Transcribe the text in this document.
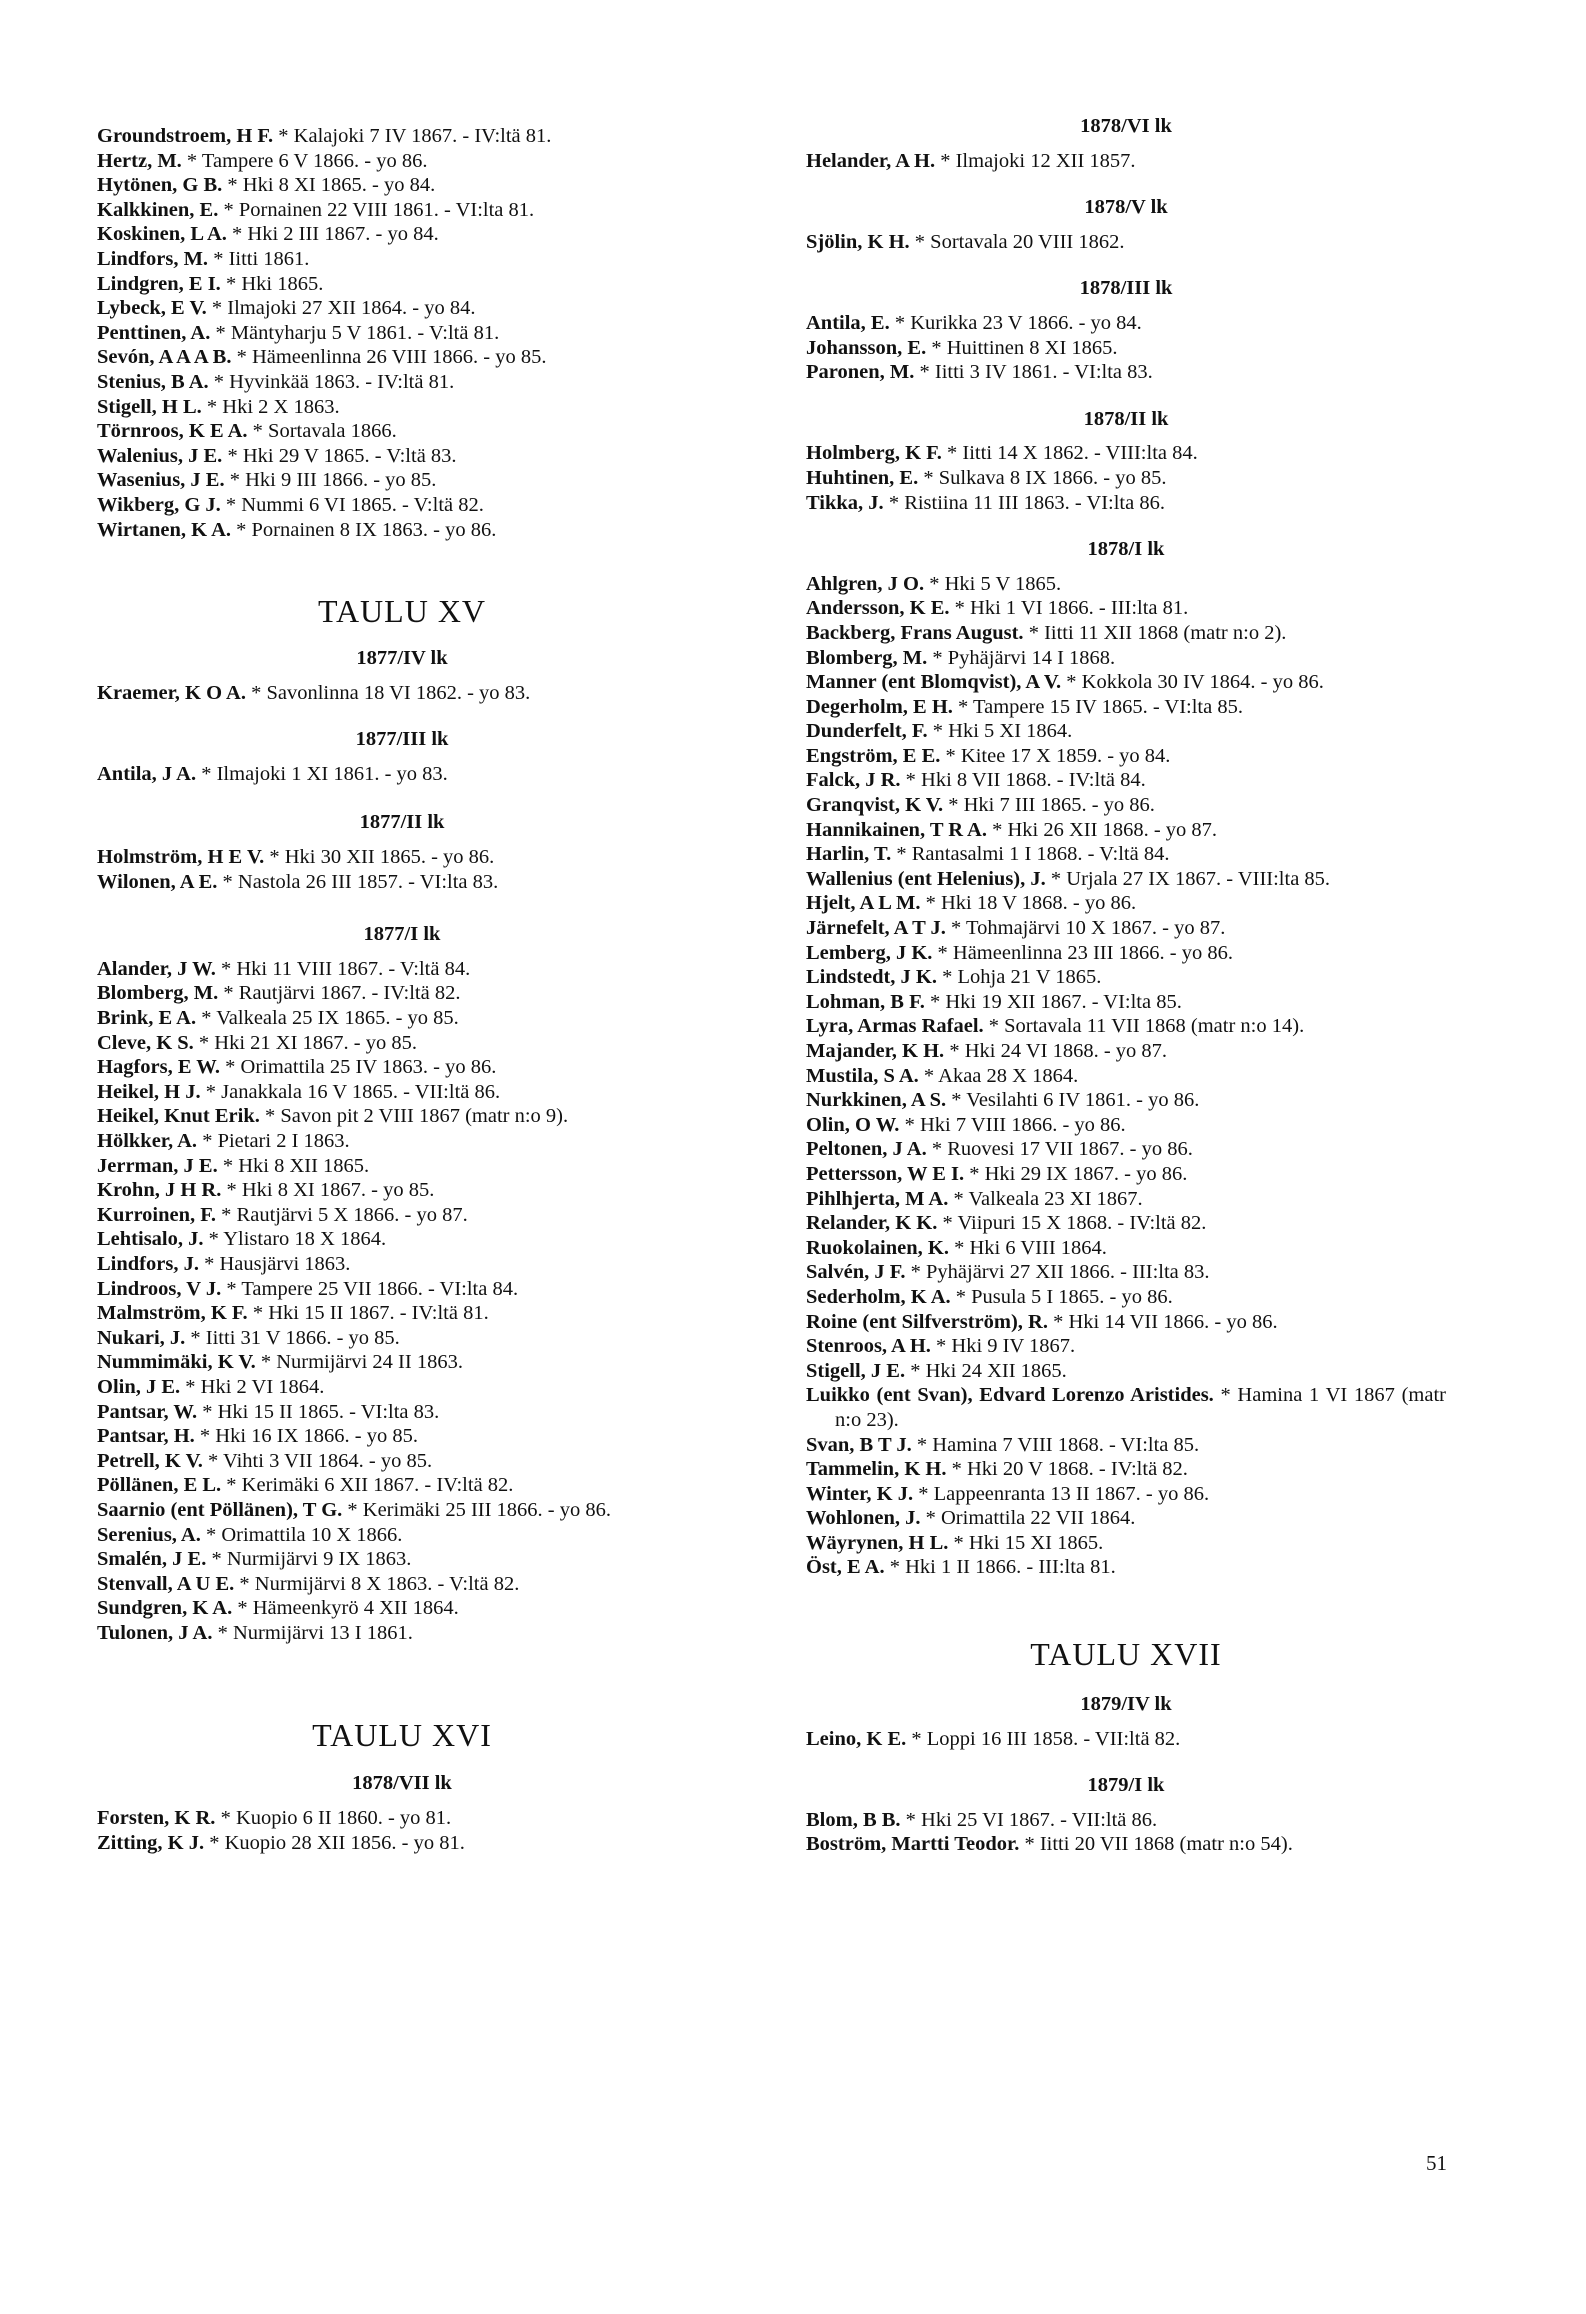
Groundstroem, H F. * Kalajoki 7 IV 1867. - IV:ltä 81.

Hertz, M. * Tampere 6 V 1866. - yo 86.

Hytönen, G B. * Hki 8 XI 1865. - yo 84.

Kalkkinen, E. * Pornainen 22 VIII 1861. - VI:lta 81.

Koskinen, L A. * Hki 2 III 1867. - yo 84.

Lindfors, M. * Iitti 1861.

Lindgren, E I. * Hki 1865.

Lybeck, E V. * Ilmajoki 27 XII 1864. - yo 84.

Penttinen, A. * Mäntyharju 5 V 1861. - V:ltä 81.

Sevón, A A A B. * Hämeenlinna 26 VIII 1866. - yo 85.

Stenius, B A. * Hyvinkää 1863. - IV:ltä 81.

Stigell, H L. * Hki 2 X 1863.

Törnroos, K E A. * Sortavala 1866.

Walenius, J E. * Hki 29 V 1865. - V:ltä 83.

Wasenius, J E. * Hki 9 III 1866. - yo 85.

Wikberg, G J. * Nummi 6 VI 1865. - V:ltä 82.

Wirtanen, K A. * Pornainen 8 IX 1863. - yo 86.

TAULU XV
1877/IV lk

Kraemer, K O A. * Savonlinna 18 VI 1862. - yo 83.

1877/III lk

Antila, J A. * Ilmajoki 1 XI 1861. - yo 83.

1877/II lk

Holmström, H E V. * Hki 30 XII 1865. - yo 86.

Wilonen, A E. * Nastola 26 III 1857. - VI:lta 83.

1877/I lk

Alander, J W. * Hki 11 VIII 1867. - V:ltä 84.

Blomberg, M. * Rautjärvi 1867. - IV:ltä 82.

Brink, E A. * Valkeala 25 IX 1865. - yo 85.

Cleve, K S. * Hki 21 XI 1867. - yo 85.

Hagfors, E W. * Orimattila 25 IV 1863. - yo 86.

Heikel, H J. * Janakkala 16 V 1865. - VII:ltä 86.

Heikel, Knut Erik. * Savon pit 2 VIII 1867 (matr n:o 9).

Hölkker, A. * Pietari 2 I 1863.

Jerrman, J E. * Hki 8 XII 1865.

Krohn, J H R. * Hki 8 XI 1867. - yo 85.

Kurroinen, F. * Rautjärvi 5 X 1866. - yo 87.

Lehtisalo, J. * Ylistaro 18 X 1864.

Lindfors, J. * Hausjärvi 1863.

Lindroos, V J. * Tampere 25 VII 1866. - VI:lta 84.

Malmström, K F. * Hki 15 II 1867. - IV:ltä 81.

Nukari, J. * Iitti 31 V 1866. - yo 85.

Nummimäki, K V. * Nurmijärvi 24 II 1863.

Olin, J E. * Hki 2 VI 1864.

Pantsar, W. * Hki 15 II 1865. - VI:lta 83.

Pantsar, H. * Hki 16 IX 1866. - yo 85.

Petrell, K V. * Vihti 3 VII 1864. - yo 85.

Pöllänen, E L. * Kerimäki 6 XII 1867. - IV:ltä 82.

Saarnio (ent Pöllänen), T G. * Kerimäki 25 III 1866. - yo 86.

Serenius, A. * Orimattila 10 X 1866.

Smalén, J E. * Nurmijärvi 9 IX 1863.

Stenvall, A U E. * Nurmijärvi 8 X 1863. - V:ltä 82.

Sundgren, K A. * Hämeenkyrö 4 XII 1864.

Tulonen, J A. * Nurmijärvi 13 I 1861.

TAULU XVI
1878/VII lk

Forsten, K R. * Kuopio 6 II 1860. - yo 81.

Zitting, K J. * Kuopio 28 XII 1856. - yo 81.

1878/VI lk

Helander, A H. * Ilmajoki 12 XII 1857.

1878/V lk

Sjölin, K H. * Sortavala 20 VIII 1862.

1878/III lk

Antila, E. * Kurikka 23 V 1866. - yo 84.

Johansson, E. * Huittinen 8 XI 1865.

Paronen, M. * Iitti 3 IV 1861. - VI:lta 83.

1878/II lk

Holmberg, K F. * Iitti 14 X 1862. - VIII:lta 84.

Huhtinen, E. * Sulkava 8 IX 1866. - yo 85.

Tikka, J. * Ristiina 11 III 1863. - VI:lta 86.

1878/I lk

Ahlgren, J O. * Hki 5 V 1865.

Andersson, K E. * Hki 1 VI 1866. - III:lta 81.

Backberg, Frans August. * Iitti 11 XII 1868 (matr n:o 2).

Blomberg, M. * Pyhäjärvi 14 I 1868.

Manner (ent Blomqvist), A V. * Kokkola 30 IV 1864. - yo 86.

Degerholm, E H. * Tampere 15 IV 1865. - VI:lta 85.

Dunderfelt, F. * Hki 5 XI 1864.

Engström, E E. * Kitee 17 X 1859. - yo 84.

Falck, J R. * Hki 8 VII 1868. - IV:ltä 84.

Granqvist, K V. * Hki 7 III 1865. - yo 86.

Hannikainen, T R A. * Hki 26 XII 1868. - yo 87.

Harlin, T. * Rantasalmi 1 I 1868. - V:ltä 84.

Wallenius (ent Helenius), J. * Urjala 27 IX 1867. - VIII:lta 85.

Hjelt, A L M. * Hki 18 V 1868. - yo 86.

Järnefelt, A T J. * Tohmajärvi 10 X 1867. - yo 87.

Lemberg, J K. * Hämeenlinna 23 III 1866. - yo 86.

Lindstedt, J K. * Lohja 21 V 1865.

Lohman, B F. * Hki 19 XII 1867. - VI:lta 85.

Lyra, Armas Rafael. * Sortavala 11 VII 1868 (matr n:o 14).

Majander, K H. * Hki 24 VI 1868. - yo 87.

Mustila, S A. * Akaa 28 X 1864.

Nurkkinen, A S. * Vesilahti 6 IV 1861. - yo 86.

Olin, O W. * Hki 7 VIII 1866. - yo 86.

Peltonen, J A. * Ruovesi 17 VII 1867. - yo 86.

Pettersson, W E I. * Hki 29 IX 1867. - yo 86.

Pihlhjerta, M A. * Valkeala 23 XI 1867.

Relander, K K. * Viipuri 15 X 1868. - IV:ltä 82.

Ruokolainen, K. * Hki 6 VIII 1864.

Salvén, J F. * Pyhäjärvi 27 XII 1866. - III:lta 83.

Sederholm, K A. * Pusula 5 I 1865. - yo 86.

Roine (ent Silfverström), R. * Hki 14 VII 1866. - yo 86.

Stenroos, A H. * Hki 9 IV 1867.

Stigell, J E. * Hki 24 XII 1865.

Luikko (ent Svan), Edvard Lorenzo Aristides. * Hamina 1 VI 1867 (matr n:o 23).

Svan, B T J. * Hamina 7 VIII 1868. - VI:lta 85.

Tammelin, K H. * Hki 20 V 1868. - IV:ltä 82.

Winter, K J. * Lappeenranta 13 II 1867. - yo 86.

Wohlonen, J. * Orimattila 22 VII 1864.

Wäyrynen, H L. * Hki 15 XI 1865.

Öst, E A. * Hki 1 II 1866. - III:lta 81.

TAULU XVII
1879/IV lk

Leino, K E. * Loppi 16 III 1858. - VII:ltä 82.

1879/I lk

Blom, B B. * Hki 25 VI 1867. - VII:ltä 86.

Boström, Martti Teodor. * Iitti 20 VII 1868 (matr n:o 54).

51
